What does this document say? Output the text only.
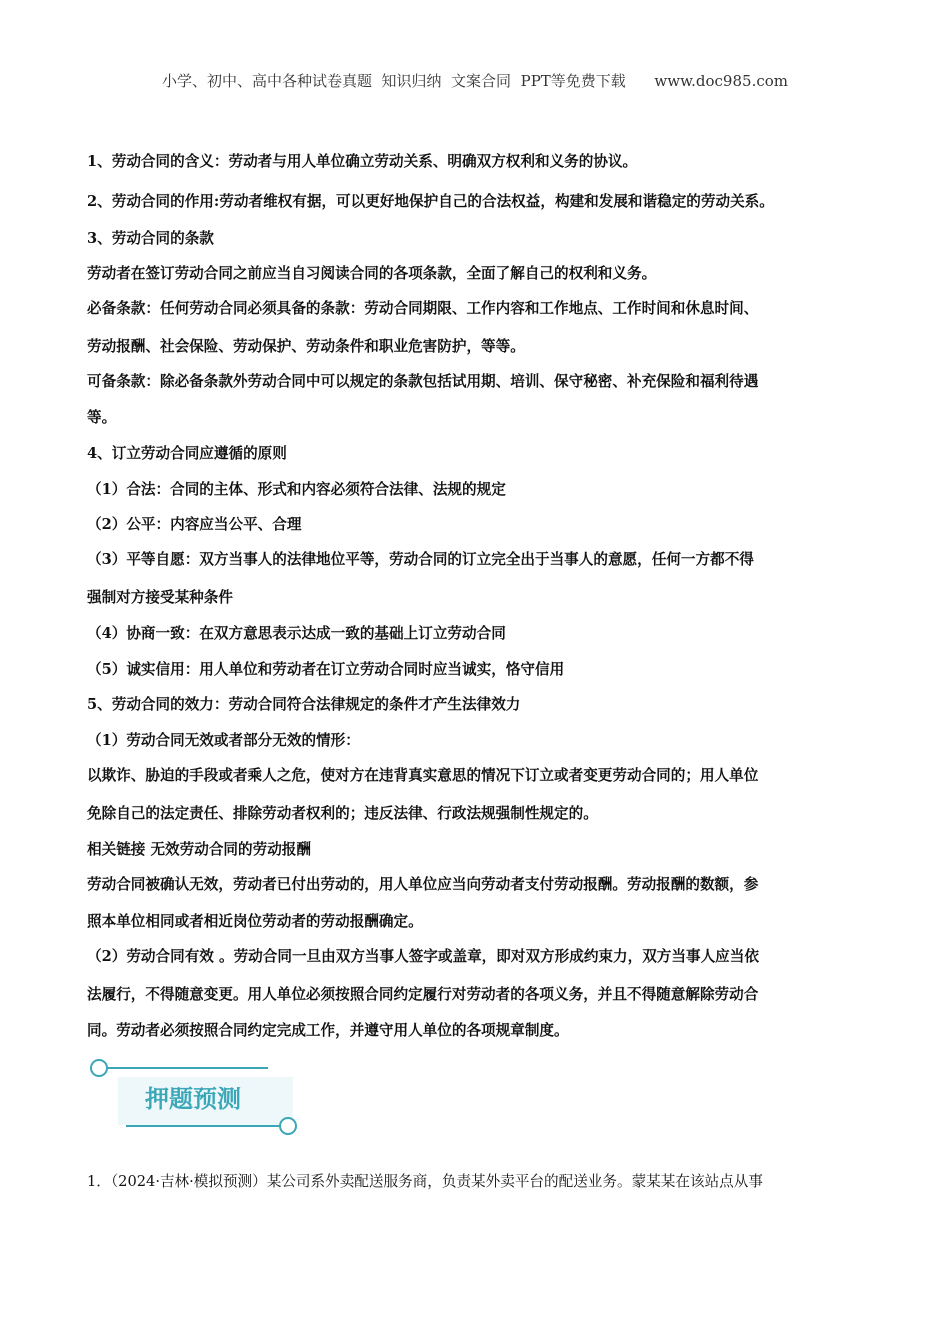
小学、初中、高中各种试卷真题  知识归纳  文案合同  PPT等免费下载      www.doc985.com
1、劳动合同的含义：劳动者与用人单位确立劳动关系、明确双方权利和义务的协议。
2、劳动合同的作用:劳动者维权有据，可以更好地保护自己的合法权益，构建和发展和谐稳定的劳动关系。
3、劳动合同的条款
劳动者在签订劳动合同之前应当自习阅读合同的各项条款，全面了解自己的权利和义务。
必备条款：任何劳动合同必须具备的条款：劳动合同期限、工作内容和工作地点、工作时间和休息时间、
劳动报酬、社会保险、劳动保护、劳动条件和职业危害防护，等等。
可备条款：除必备条款外劳动合同中可以规定的条款包括试用期、培训、保守秘密、补充保险和福利待遇
等。
4、订立劳动合同应遵循的原则
（1）合法：合同的主体、形式和内容必须符合法律、法规的规定
（2）公平：内容应当公平、合理
（3）平等自愿：双方当事人的法律地位平等，劳动合同的订立完全出于当事人的意愿，任何一方都不得
强制对方接受某种条件
（4）协商一致：在双方意思表示达成一致的基础上订立劳动合同
（5）诚实信用：用人单位和劳动者在订立劳动合同时应当诚实，恪守信用
5、劳动合同的效力：劳动合同符合法律规定的条件才产生法律效力
（1）劳动合同无效或者部分无效的情形：
以欺诈、胁迫的手段或者乘人之危，使对方在违背真实意思的情况下订立或者变更劳动合同的；用人单位
免除自己的法定责任、排除劳动者权利的；违反法律、行政法规强制性规定的。
相关链接 无效劳动合同的劳动报酬
劳动合同被确认无效，劳动者已付出劳动的，用人单位应当向劳动者支付劳动报酬。劳动报酬的数额，参
照本单位相同或者相近岗位劳动者的劳动报酬确定。
（2）劳动合同有效 。劳动合同一旦由双方当事人签字或盖章，即对双方形成约束力，双方当事人应当依
法履行，不得随意变更。用人单位必须按照合同约定履行对劳动者的各项义务，并且不得随意解除劳动合
同。劳动者必须按照合同约定完成工作，并遵守用人单位的各项规章制度。
押题预测
1．（2024·吉林·模拟预测）某公司系外卖配送服务商，负责某外卖平台的配送业务。蒙某某在该站点从事
